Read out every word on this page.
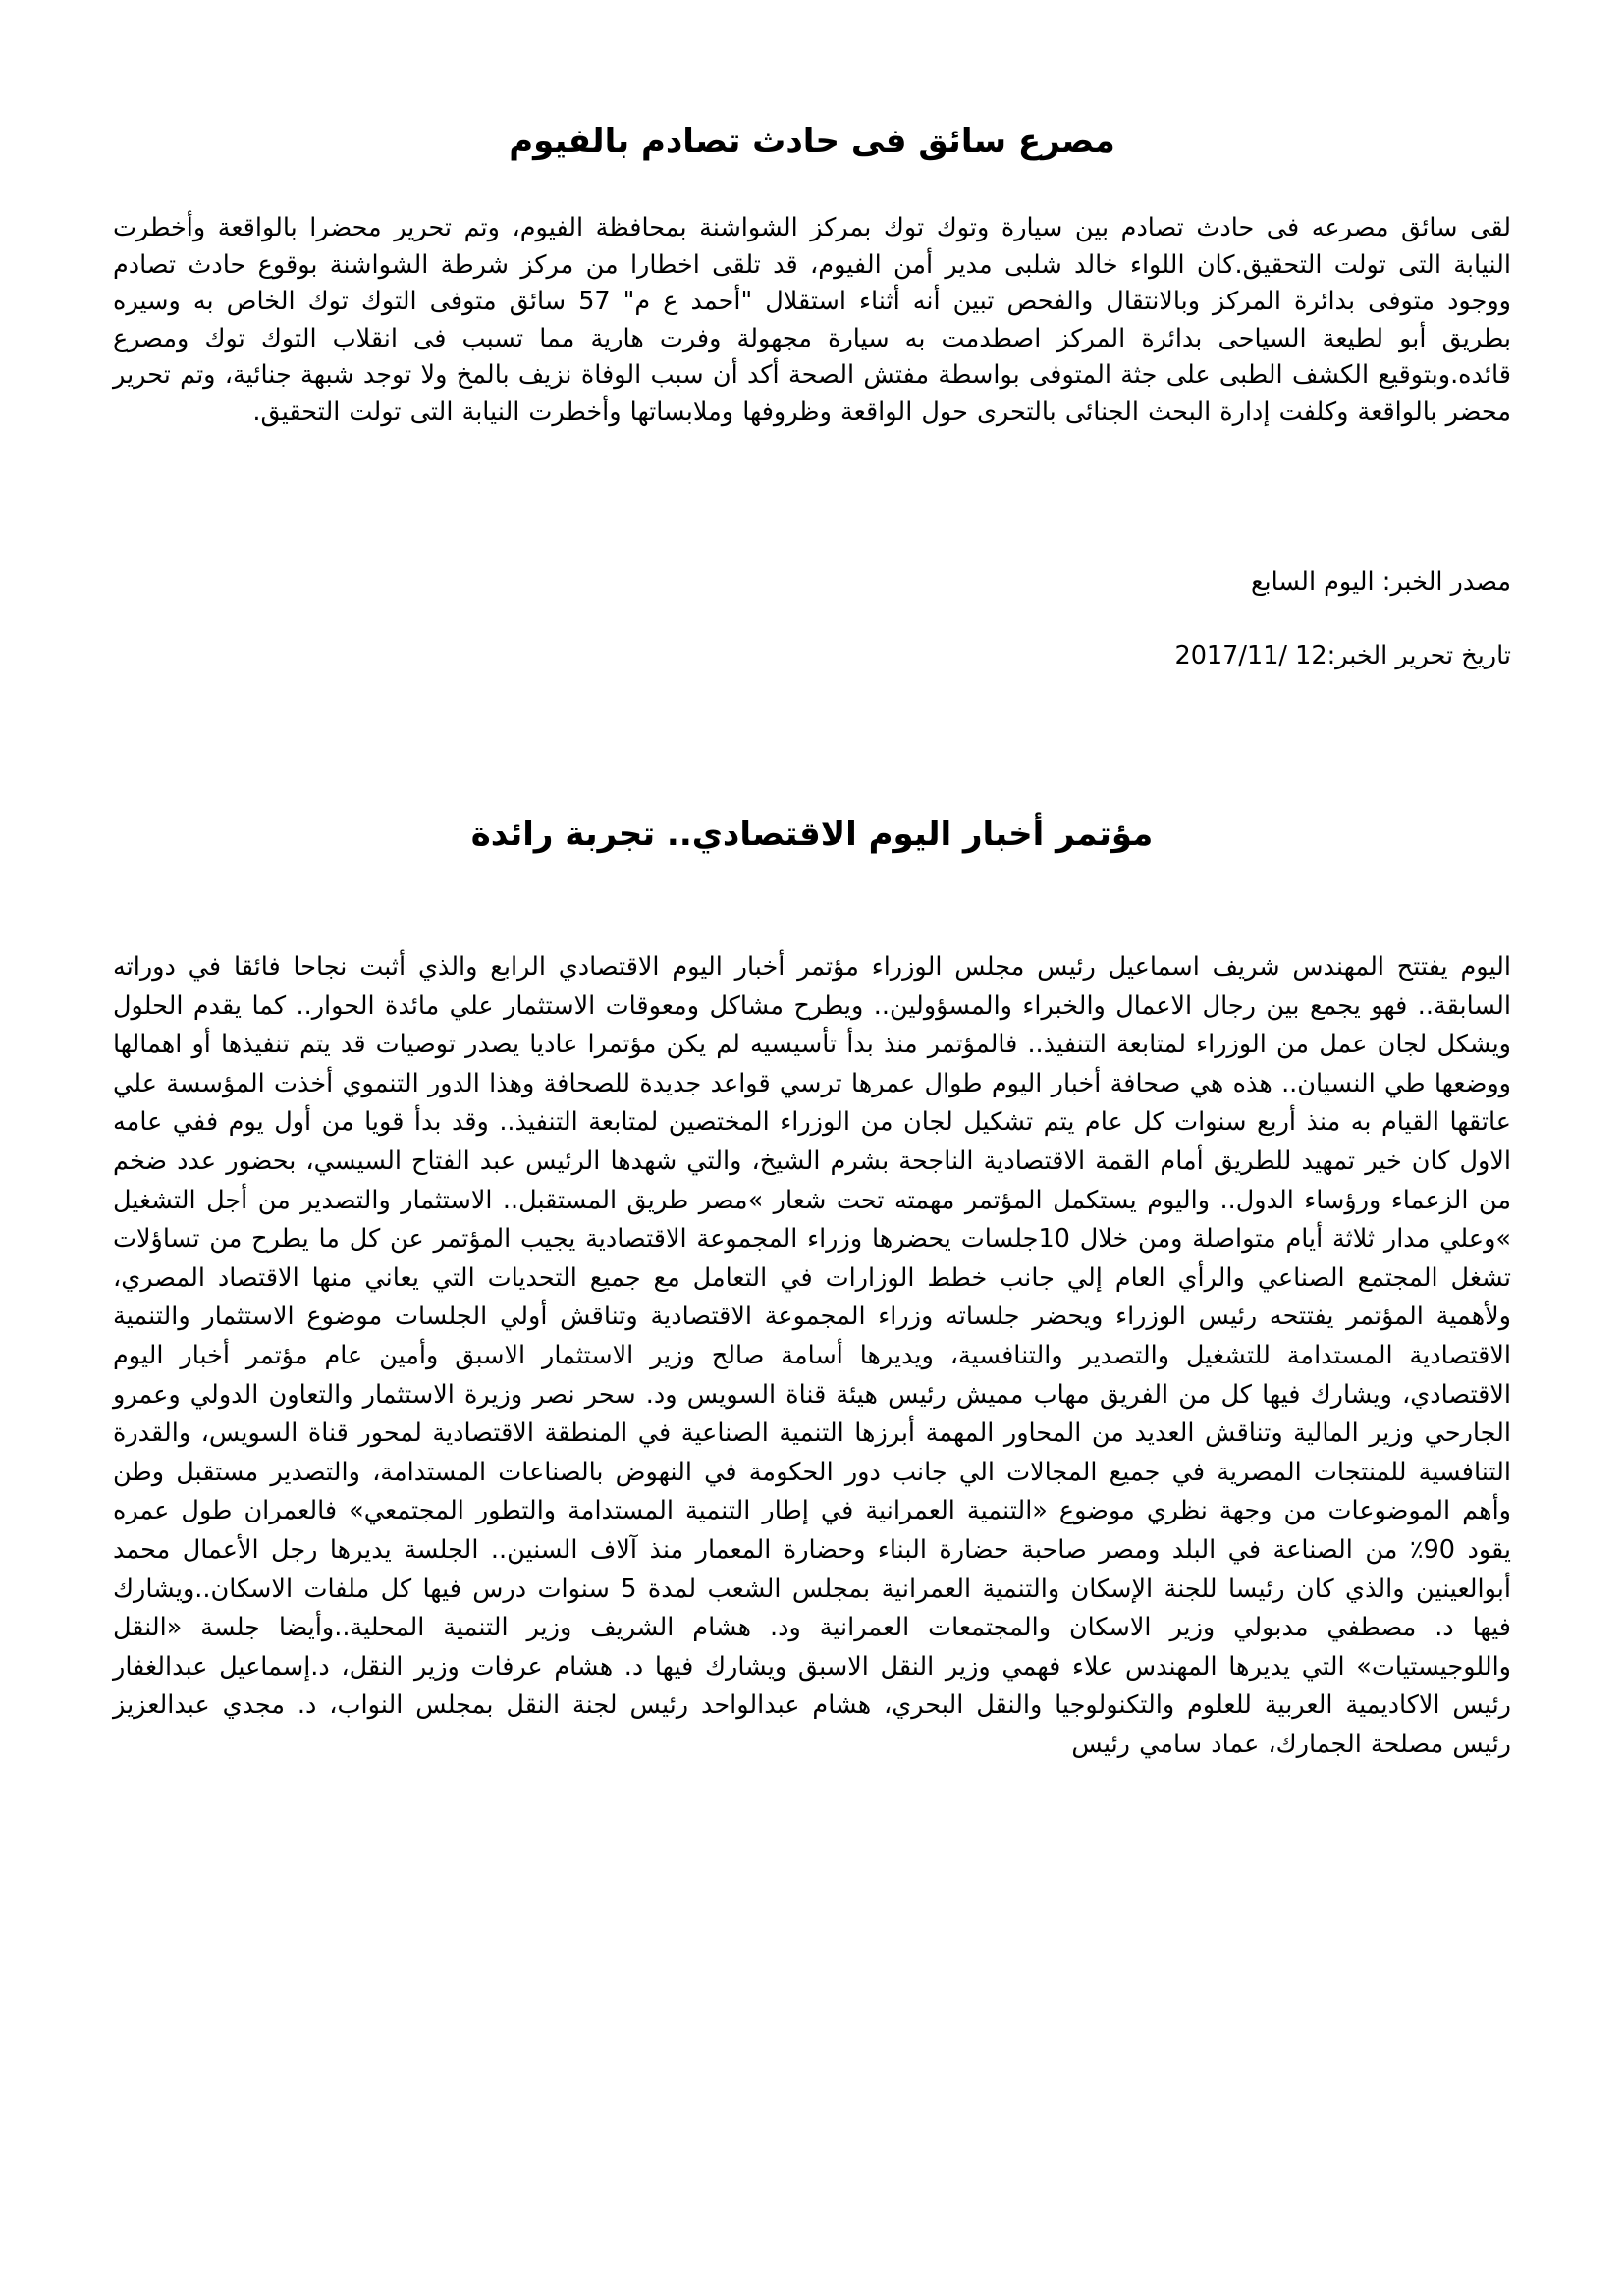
مصرع سائق فى حادث تصادم بالفيوم

لقى سائق مصرعه فى حادث تصادم بين سيارة وتوك توك بمركز الشواشنة بمحافظة الفيوم، وتم تحرير محضرا بالواقعة وأخطرت النيابة التى تولت التحقيق.كان اللواء خالد شلبى مدير أمن الفيوم، قد تلقى اخطارا من مركز شرطة الشواشنة بوقوع حادث تصادم ووجود متوفى بدائرة المركز وبالانتقال والفحص تبين أنه أثناء استقلال "أحمد ع م" 57 سائق متوفى التوك توك الخاص به وسيره بطريق أبو لطيعة السياحى بدائرة المركز اصطدمت به سيارة مجهولة وفرت هارية مما تسبب فى انقلاب التوك توك ومصرع قائده.وبتوقيع الكشف الطبى على جثة المتوفى بواسطة مفتش الصحة أكد أن سبب الوفاة نزيف بالمخ ولا توجد شبهة جنائية، وتم تحرير محضر بالواقعة وكلفت إدارة البحث الجنائى بالتحرى حول الواقعة وظروفها وملابساتها وأخطرت النيابة التى تولت التحقيق.

مصدر الخبر: اليوم السابع

تاريخ تحرير الخبر:12 /2017/11

مؤتمر أخبار اليوم الاقتصادي.. تجربة رائدة

اليوم يفتتح المهندس شريف اسماعيل رئيس مجلس الوزراء مؤتمر أخبار اليوم الاقتصادي الرابع والذي أثبت نجاحا فائقا في دوراته السابقة.. فهو يجمع بين رجال الاعمال والخبراء والمسؤولين.. ويطرح مشاكل ومعوقات الاستثمار علي مائدة الحوار.. كما يقدم الحلول ويشكل لجان عمل من الوزراء لمتابعة التنفيذ.. فالمؤتمر منذ بدأ تأسيسيه لم يكن مؤتمرا عاديا يصدر توصيات قد يتم تنفيذها أو اهمالها ووضعها طي النسيان.. هذه هي صحافة أخبار اليوم طوال عمرها ترسي قواعد جديدة للصحافة وهذا الدور التنموي أخذت المؤسسة علي عاتقها القيام به منذ أربع سنوات كل عام يتم تشكيل لجان من الوزراء المختصين لمتابعة التنفيذ.. وقد بدأ قويا من أول يوم ففي عامه الاول كان خير تمهيد للطريق أمام القمة الاقتصادية الناجحة بشرم الشيخ، والتي شهدها الرئيس عبد الفتاح السيسي، بحضور عدد ضخم من الزعماء ورؤساء الدول.. واليوم يستكمل المؤتمر مهمته تحت شعار »مصر طريق المستقبل.. الاستثمار والتصدير من أجل التشغيل »وعلي مدار ثلاثة أيام متواصلة ومن خلال 10جلسات يحضرها وزراء المجموعة الاقتصادية يجيب المؤتمر عن كل ما يطرح من تساؤلات تشغل المجتمع الصناعي والرأي العام إلي جانب خطط الوزارات في التعامل مع جميع التحديات التي يعاني منها الاقتصاد المصري، ولأهمية المؤتمر يفتتحه رئيس الوزراء ويحضر جلساته وزراء المجموعة الاقتصادية وتناقش أولي الجلسات موضوع الاستثمار والتنمية الاقتصادية المستدامة للتشغيل والتصدير والتنافسية، ويديرها أسامة صالح وزير الاستثمار الاسبق وأمين عام مؤتمر أخبار اليوم الاقتصادي، ويشارك فيها كل من الفريق مهاب مميش رئيس هيئة قناة السويس ود. سحر نصر وزيرة الاستثمار والتعاون الدولي وعمرو الجارحي وزير المالية وتناقش العديد من المحاور المهمة أبرزها التنمية الصناعية في المنطقة الاقتصادية لمحور قناة السويس، والقدرة التنافسية للمنتجات المصرية في جميع المجالات الي جانب دور الحكومة في النهوض بالصناعات المستدامة، والتصدير مستقبل وطن وأهم الموضوعات من وجهة نظري موضوع «التنمية العمرانية في إطار التنمية المستدامة والتطور المجتمعي» فالعمران طول عمره يقود 90٪ من الصناعة في البلد ومصر صاحبة حضارة البناء وحضارة المعمار منذ آلاف السنين.. الجلسة يديرها رجل الأعمال محمد أبوالعينين والذي كان رئيسا للجنة الإسكان والتنمية العمرانية بمجلس الشعب لمدة 5 سنوات درس فيها كل ملفات الاسكان..ويشارك فيها د. مصطفي مدبولي وزير الاسكان والمجتمعات العمرانية ود. هشام الشريف وزير التنمية المحلية..وأيضا جلسة «النقل واللوجيستيات» التي يديرها المهندس علاء فهمي وزير النقل الاسبق ويشارك فيها د. هشام عرفات وزير النقل، د.إسماعيل عبدالغفار رئيس الاكاديمية العربية للعلوم والتكنولوجيا والنقل البحري، هشام عبدالواحد رئيس لجنة النقل بمجلس النواب، د. مجدي عبدالعزيز رئيس مصلحة الجمارك، عماد سامي رئيس
